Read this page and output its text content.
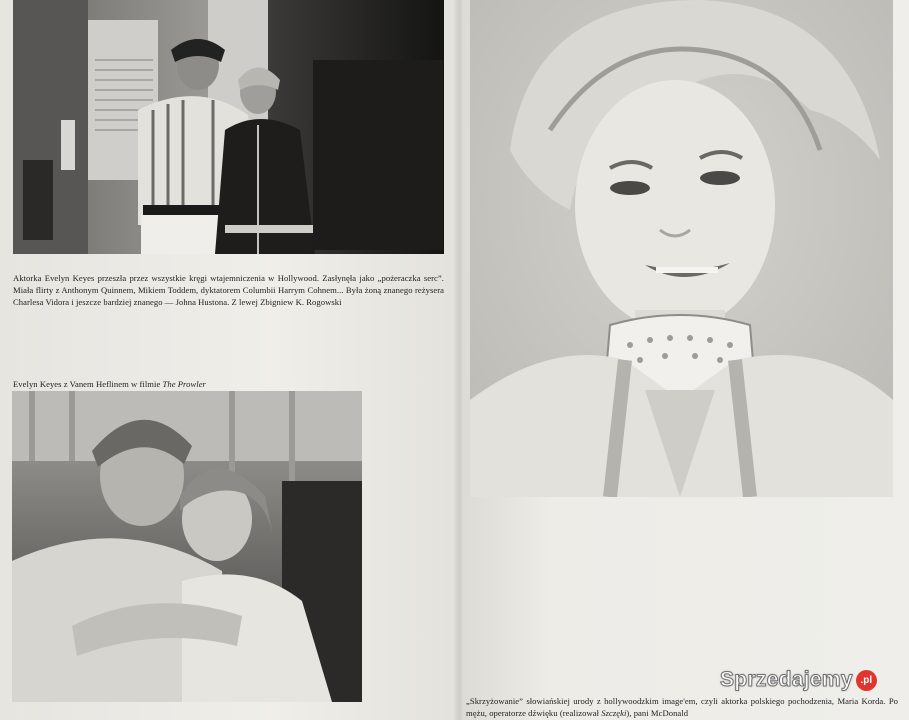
Aktorka Evelyn Keyes przeszła przez wszystkie kręgi wtajemniczenia w Hollywood. Zasłynęła jako „pożeraczka serc”. Miała flirty z Anthonym Quinnem, Mikiem Toddem, dyktatorem Columbii Harrym Cohnem... Była żoną znanego reżysera Charlesa Vidora i jeszcze bardziej znanego — Johna Hustona. Z lewej Zbigniew K. Rogowski

Evelyn Keyes z Vanem Heflinem w filmie The Prowler

„Skrzyżowanie” słowiańskiej urody z hollywoodzkim image'em, czyli aktorka polskiego pochodzenia, Maria Korda. Po mężu, operatorze dźwięku (realizował Szczęki), pani McDonald

Sprzedajemy .pl
